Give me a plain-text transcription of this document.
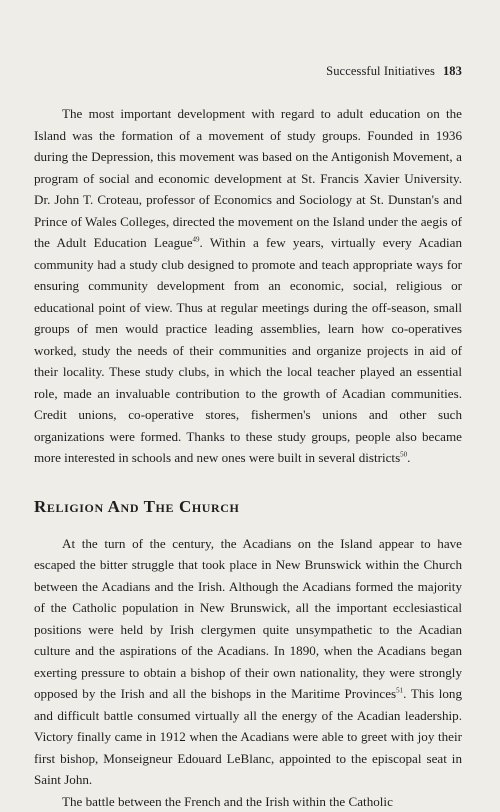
Successful Initiatives 183

The most important development with regard to adult education on the Island was the formation of a movement of study groups. Founded in 1936 during the Depression, this movement was based on the Antigonish Movement, a program of social and economic development at St. Francis Xavier University. Dr. John T. Croteau, professor of Economics and Sociology at St. Dunstan's and Prince of Wales Colleges, directed the movement on the Island under the aegis of the Adult Education League$^{49}$. Within a few years, virtually every Acadian community had a study club designed to promote and teach appropriate ways for ensuring community development from an economic, social, religious or educational point of view. Thus at regular meetings during the off-season, small groups of men would practice leading assemblies, learn how co-operatives worked, study the needs of their communities and organize projects in aid of their locality. These study clubs, in which the local teacher played an essential role, made an invaluable contribution to the growth of Acadian communities. Credit unions, co-operative stores, fishermen's unions and other such organizations were formed. Thanks to these study groups, people also became more interested in schools and new ones were built in several districts$^{50}$.

Religion And The Church

At the turn of the century, the Acadians on the Island appear to have escaped the bitter struggle that took place in New Brunswick within the Church between the Acadians and the Irish. Although the Acadians formed the majority of the Catholic population in New Brunswick, all the important ecclesiastical positions were held by Irish clergymen quite unsympathetic to the Acadian culture and the aspirations of the Acadians. In 1890, when the Acadians began exerting pressure to obtain a bishop of their own nationality, they were strongly opposed by the Irish and all the bishops in the Maritime Provinces$^{51}$. This long and difficult battle consumed virtually all the energy of the Acadian leadership. Victory finally came in 1912 when the Acadians were able to greet with joy their first bishop, Monseigneur Edouard LeBlanc, appointed to the episcopal seat in Saint John.

The battle between the French and the Irish within the Catholic
